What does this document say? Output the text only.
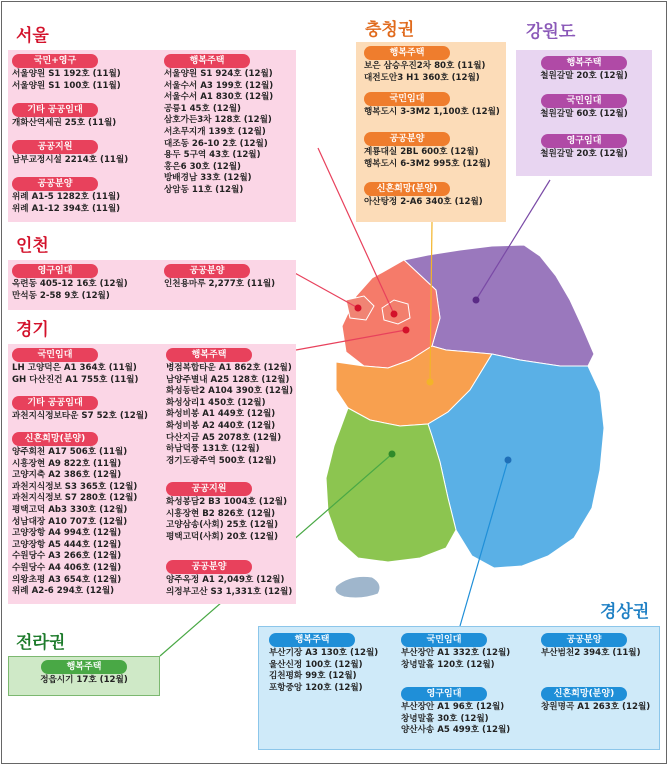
서울
국민+영구
서울양원 S1 192호 (11월)
서울양원 S1 100호 (11월)
기타 공공임대
개화산역세권 25호 (11월)
공공지원
남부교정시설 2214호 (11월)
공공분양
위례 A1-5 1282호 (11월)
위례 A1-12 394호 (11월)
행복주택
서울양원 S1 924호 (12월)
서울수서 A3 199호 (12월)
서울수서 A1 830호 (12월)
공릉1 45호 (12월)
삼호가든3차 128호 (12월)
서초무지개 139호 (12월)
대조동 26-10 2호 (12월)
용두 5구역 43호 (12월)
홍은6 30호 (12월)
방배경남 33호 (12월)
상암동 11호 (12월)
인천
영구임대
옥련동 405-12 16호 (12월)
만석동 2-58 9호 (12월)
공공분양
인천용마루 2,277호 (11월)
경기
국민임대
LH 고양덕은 A1 364호 (11월)
GH 다산진건 A1 755호 (11월)
기타 공공임대
과천지식정보타운 S7 52호 (12월)
신혼희망(분양)
양주회천 A17 506호 (11월)
시흥장현 A9 822호 (11월)
고양지축 A2 386호 (12월)
과천지식정보 S3 365호 (12월)
과천지식정보 S7 280호 (12월)
평택고덕 Ab3 330호 (12월)
성남대장 A10 707호 (12월)
고양장항 A4 994호 (12월)
고양장항 A5 444호 (12월)
수원당수 A3 266호 (12월)
수원당수 A4 406호 (12월)
의왕초평 A3 654호 (12월)
위례 A2-6 294호 (12월)
행복주택
병점복합타운 A1 862호 (12월)
남양주별내 A25 128호 (12월)
화성동탄2 A104 390호 (12월)
화성상리1 450호 (12월)
화성비봉 A1 449호 (12월)
화성비봉 A2 440호 (12월)
다산지금 A5 2078호 (12월)
하남덕풍 131호 (12월)
경기도광주역 500호 (12월)
공공지원
화성봉담2 B3 1004호 (12월)
시흥장현 B2 826호 (12월)
고양삼송(사회) 25호 (12월)
평택고덕(사회) 20호 (12월)
공공분양
양주옥정 A1 2,049호 (12월)
의정부고산 S3 1,331호 (12월)
충청권
행복주택
보은 삼승우진2차 80호 (11월)
대전도안3 H1 360호 (12월)
국민임대
행복도시 3-3M2 1,100호 (12월)
공공분양
계룡대실 2BL 600호 (12월)
행복도시 6-3M2 995호 (12월)
신혼희망(분양)
아산탕정 2-A6 340호 (12월)
강원도
행복주택
철원갈말 20호 (12월)
국민임대
철원갈말 60호 (12월)
영구임대
철원갈말 20호 (12월)
전라권
행복주택
정읍시기 17호 (12월)
경상권
행복주택
부산기장 A3 130호 (12월)
울산신정 100호 (12월)
김천평화 99호 (12월)
포항중앙 120호 (12월)
국민임대
부산장안 A1 332호 (12월)
창녕말흘 120호 (12월)
영구임대
부산장안 A1 96호 (12월)
창녕말흘 30호 (12월)
양산사송 A5 499호 (12월)
공공분양
부산범천2 394호 (11월)
신혼희망(분양)
창원명곡 A1 263호 (12월)
